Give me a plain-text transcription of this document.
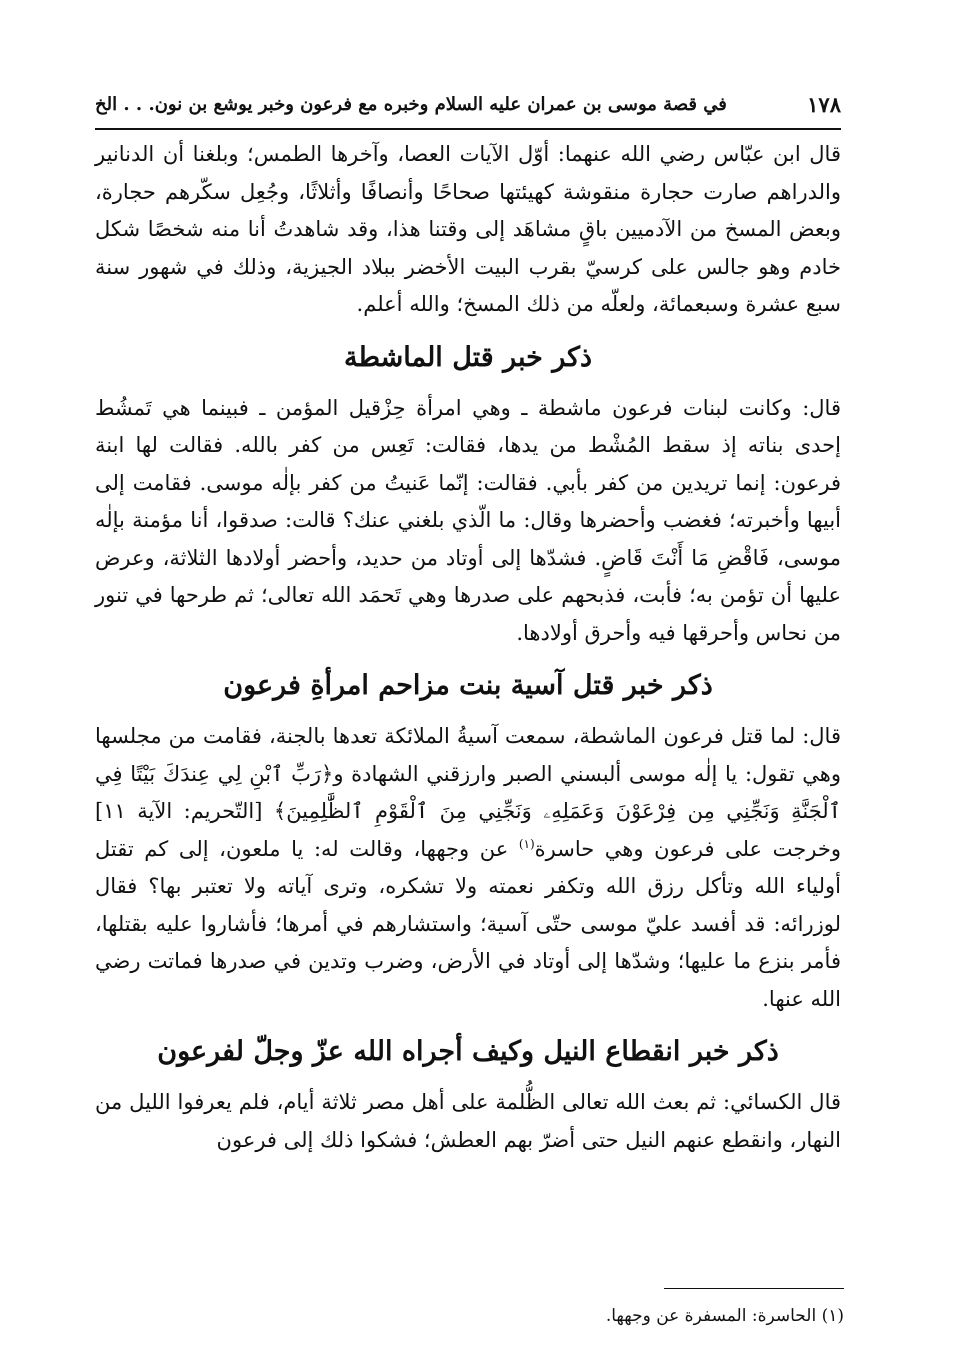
١٧٨
في قصة موسى بن عمران عليه السلام وخبره مع فرعون وخبر يوشع بن نون. . . الخ

قال ابن عبّاس رضي الله عنهما: أوّل الآيات العصا، وآخرها الطمس؛ وبلغنا أن الدنانير والدراهم صارت حجارة منقوشة كهيئتها صحاحًا وأنصافًا وأثلاثًا، وجُعِل سكّرهم حجارة، وبعض المسخ من الآدميين باقٍ مشاهَد إلى وقتنا هذا، وقد شاهدتُ أنا منه شخصًا شكل خادم وهو جالس على كرسيّ بقرب البيت الأخضر ببلاد الجيزية، وذلك في شهور سنة سبع عشرة وسبعمائة، ولعلّه من ذلك المسخ؛ والله أعلم.

ذكر خبر قتل الماشطة

قال: وكانت لبنات فرعون ماشطة ـ وهي امرأة حِزْقيل المؤمن ـ فبينما هي تَمشُط إحدى بناته إذ سقط المُشْط من يدها، فقالت: تَعِس من كفر بالله. فقالت لها ابنة فرعون: إنما تريدين من كفر بأبي. فقالت: إنّما عَنيتُ من كفر بإلٰه موسى. فقامت إلى أبيها وأخبرته؛ فغضب وأحضرها وقال: ما الّذي بلغني عنك؟ قالت: صدقوا، أنا مؤمنة بإلٰه موسى، فَاقْضِ مَا أَنْتَ قَاضٍ. فشدّها إلى أوتاد من حديد، وأحضر أولادها الثلاثة، وعرض عليها أن تؤمن به؛ فأبت، فذبحهم على صدرها وهي تَحمَد الله تعالى؛ ثم طرحها في تنور من نحاس وأحرقها فيه وأحرق أولادها.

ذكر خبر قتل آسية بنت مزاحم امرأةِ فرعون

قال: لما قتل فرعون الماشطة، سمعت آسيةُ الملائكة تعدها بالجنة، فقامت من مجلسها وهي تقول: يا إلٰه موسى ألبسني الصبر وارزقني الشهادة و﴿رَبِّ ٱبْنِ لِي عِندَكَ بَيْتًا فِي ٱلْجَنَّةِ وَنَجِّنِي مِن فِرْعَوْنَ وَعَمَلِهِۦ وَنَجِّنِي مِنَ ٱلْقَوْمِ ٱلظَّٰلِمِينَ﴾ [التّحريم: الآية ١١] وخرجت على فرعون وهي حاسرة$^{(١)}$ عن وجهها، وقالت له: يا ملعون، إلى كم تقتل أولياء الله وتأكل رزق الله وتكفر نعمته ولا تشكره، وترى آياته ولا تعتبر بها؟ فقال لوزرائه: قد أفسد عليّ موسى حتّى آسية؛ واستشارهم في أمرها؛ فأشاروا عليه بقتلها، فأمر بنزع ما عليها؛ وشدّها إلى أوتاد في الأرض، وضرب وتدين في صدرها فماتت رضي الله عنها.

ذكر خبر انقطاع النيل وكيف أجراه الله عزّ وجلّ لفرعون

قال الكسائي: ثم بعث الله تعالى الظُّلمة على أهل مصر ثلاثة أيام، فلم يعرفوا الليل من النهار، وانقطع عنهم النيل حتى أضرّ بهم العطش؛ فشكوا ذلك إلى فرعون

(١) الحاسرة: المسفرة عن وجهها.
